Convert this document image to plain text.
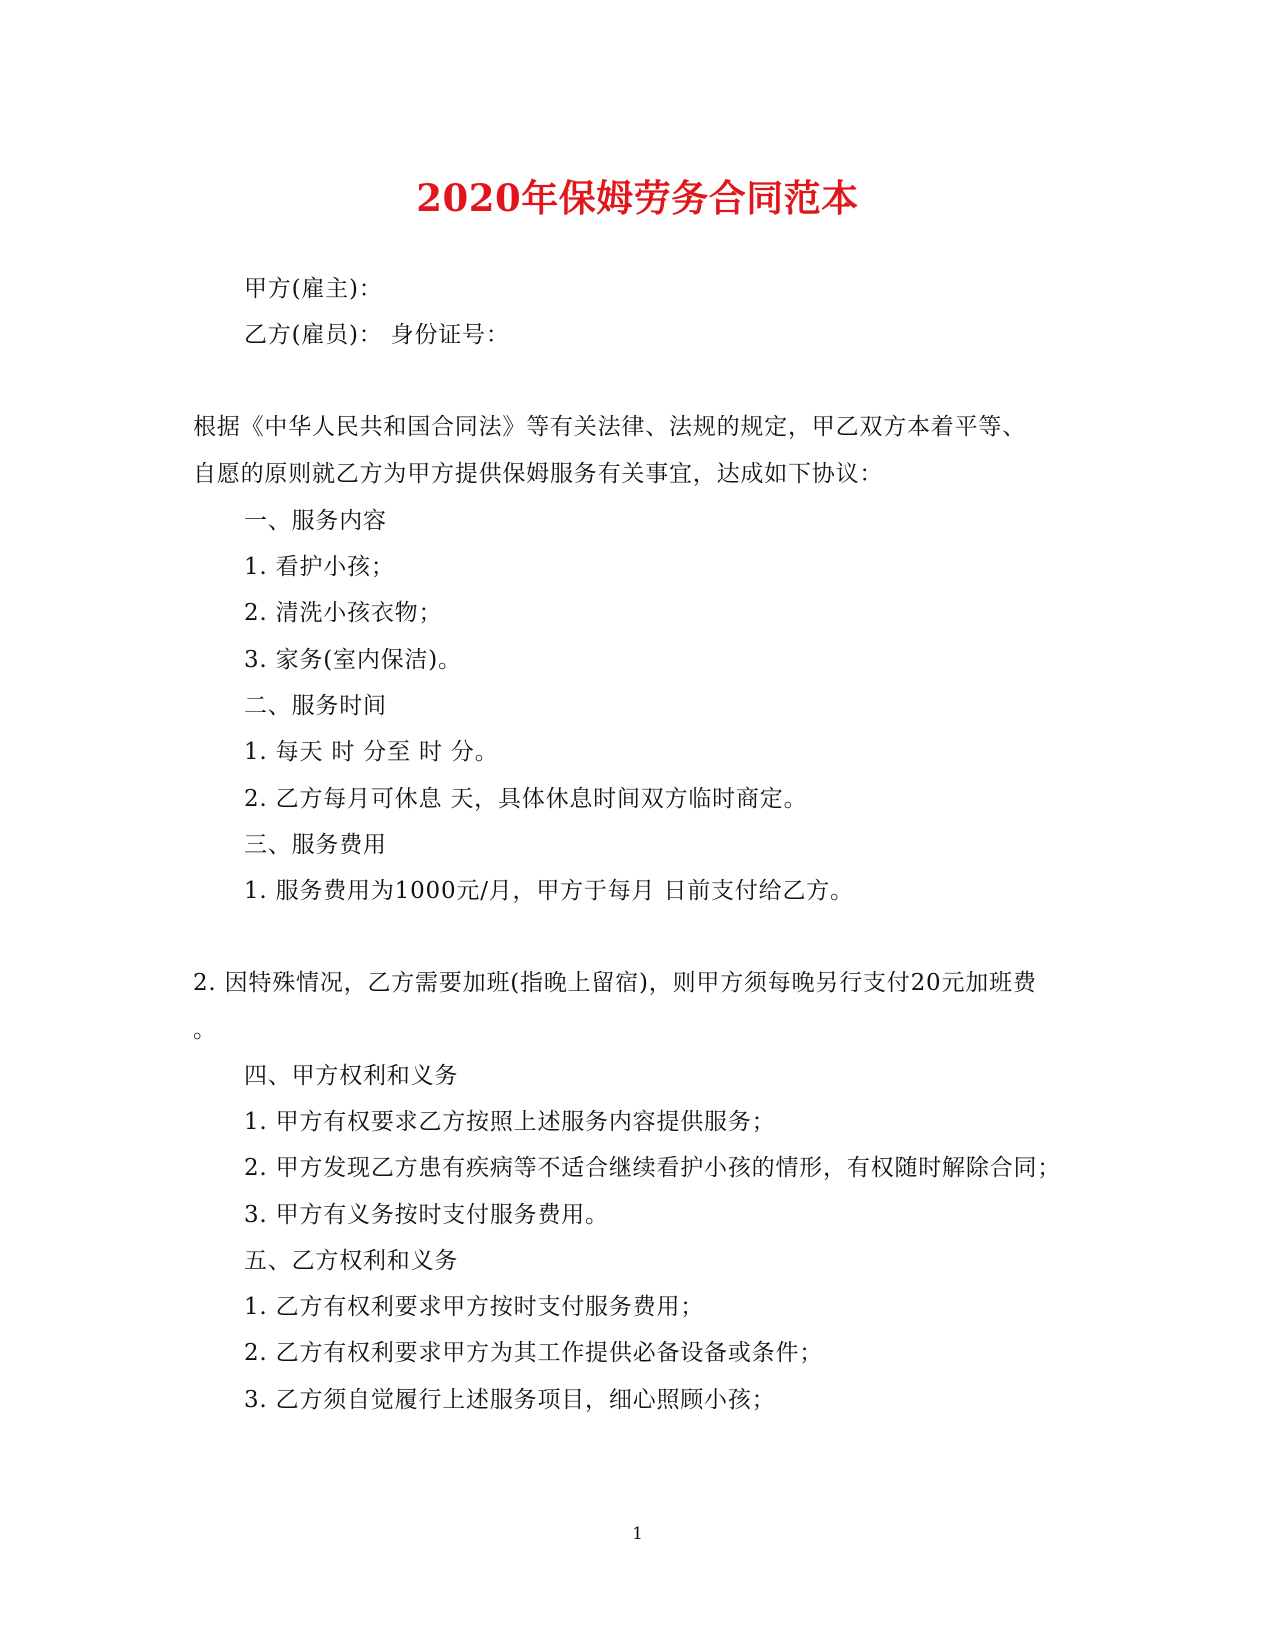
2020年保姆劳务合同范本
甲方(雇主)：
乙方(雇员)： 身份证号：
根据《中华人民共和国合同法》等有关法律、法规的规定，甲乙双方本着平等、
自愿的原则就乙方为甲方提供保姆服务有关事宜，达成如下协议：
一、服务内容
1. 看护小孩；
2. 清洗小孩衣物；
3. 家务(室内保洁)。
二、服务时间
1. 每天 时 分至 时 分。
2. 乙方每月可休息 天，具体休息时间双方临时商定。
三、服务费用
1. 服务费用为1000元/月，甲方于每月 日前支付给乙方。
2. 因特殊情况，乙方需要加班(指晚上留宿)，则甲方须每晚另行支付20元加班费
。
四、甲方权利和义务
1. 甲方有权要求乙方按照上述服务内容提供服务；
2. 甲方发现乙方患有疾病等不适合继续看护小孩的情形，有权随时解除合同；
3. 甲方有义务按时支付服务费用。
五、乙方权利和义务
1. 乙方有权利要求甲方按时支付服务费用；
2. 乙方有权利要求甲方为其工作提供必备设备或条件；
3. 乙方须自觉履行上述服务项目，细心照顾小孩；
1
